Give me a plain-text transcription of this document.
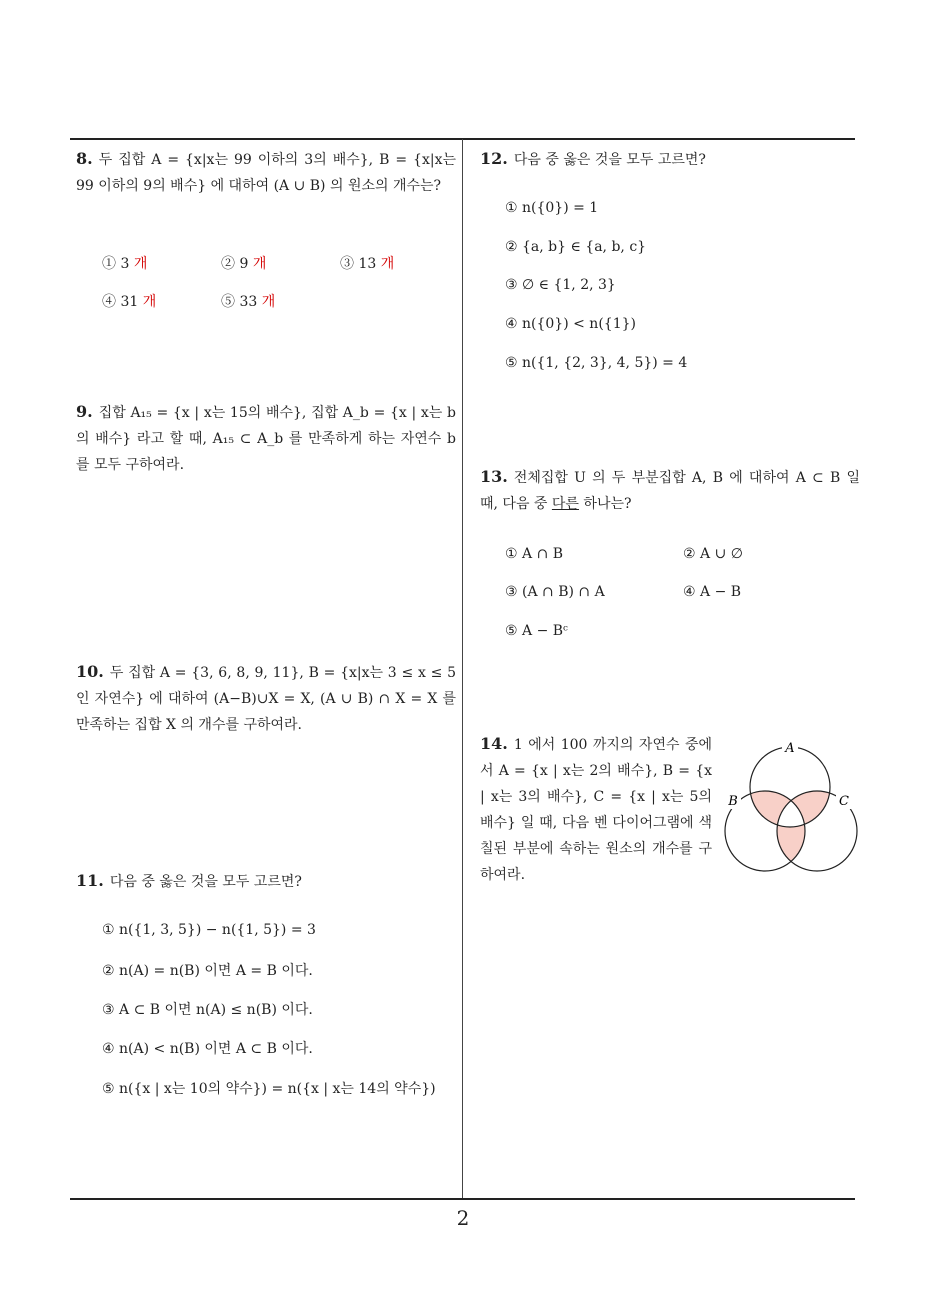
8. 두 집합 A = {x|x는 99 이하의 3의 배수}, B = {x|x는 99 이하의 9의 배수} 에 대하여 (A ∪ B) 의 원소의 개수는?
① 3 개	② 9 개	③ 13 개
④ 31 개	⑤ 33 개
9. 집합 A₁₅ = {x | x는 15의 배수}, 집합 A_b = {x | x는 b의 배수} 라고 할 때, A₁₅ ⊂ A_b 를 만족하게 하는 자연수 b 를 모두 구하여라.
10. 두 집합 A = {3, 6, 8, 9, 11}, B = {x|x는 3 ≤ x ≤ 5인 자연수} 에 대하여 (A−B)∪X = X, (A ∪ B) ∩ X = X 를 만족하는 집합 X 의 개수를 구하여라.
11. 다음 중 옳은 것을 모두 고르면?
① n({1, 3, 5}) − n({1, 5}) = 3
② n(A) = n(B) 이면 A = B 이다.
③ A ⊂ B 이면 n(A) ≤ n(B) 이다.
④ n(A) < n(B) 이면 A ⊂ B 이다.
⑤ n({x | x는 10의 약수}) = n({x | x는 14의 약수})
12. 다음 중 옳은 것을 모두 고르면?
① n({0}) = 1
② {a, b} ∈ {a, b, c}
③ ∅ ∈ {1, 2, 3}
④ n({0}) < n({1})
⑤ n({1, {2, 3}, 4, 5}) = 4
13. 전체집합 U 의 두 부분집합 A, B 에 대하여 A ⊂ B 일 때, 다음 중 다른 하나는?
① A ∩ B	② A ∪ ∅
③ (A ∩ B) ∩ A	④ A − B
⑤ A − Bᶜ
14. 1 에서 100 까지의 자연수 중에서 A = {x | x는 2의 배수}, B = {x | x는 3의 배수}, C = {x | x는 5의 배수} 일 때, 다음 벤 다이어그램에 색칠된 부분에 속하는 원소의 개수를 구하여라.
A
B	C
2
